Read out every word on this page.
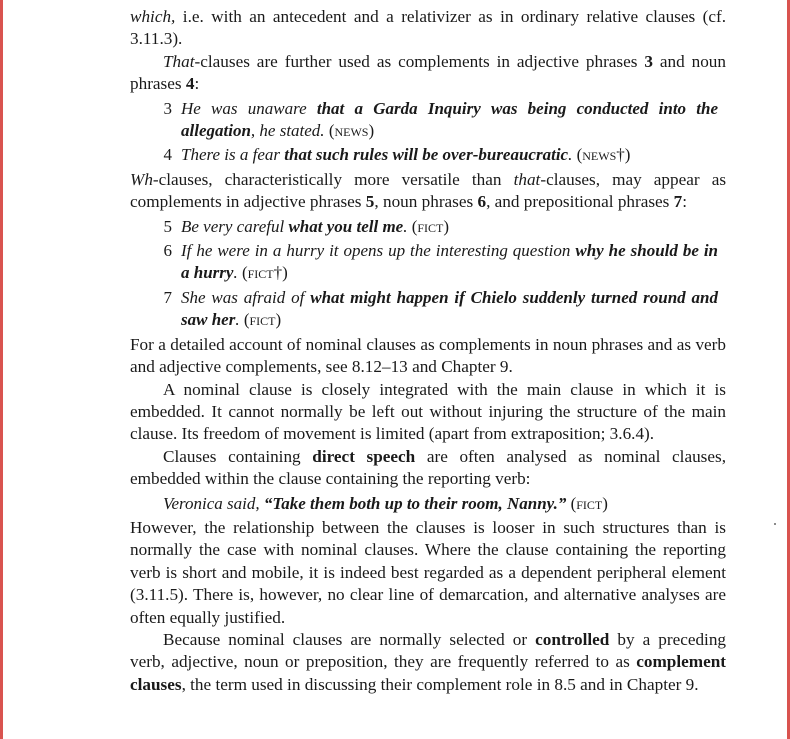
which, i.e. with an antecedent and a relativizer as in ordinary relative clauses (cf. 3.11.3).

That-clauses are further used as complements in adjective phrases 3 and noun phrases 4:

3 He was unaware that a Garda Inquiry was being conducted into the allegation, he stated. (news)
4 There is a fear that such rules will be over-bureaucratic. (news†)

Wh-clauses, characteristically more versatile than that-clauses, may appear as complements in adjective phrases 5, noun phrases 6, and prepositional phrases 7:

5 Be very careful what you tell me. (fict)
6 If he were in a hurry it opens up the interesting question why he should be in a hurry. (fict†)
7 She was afraid of what might happen if Chielo suddenly turned round and saw her. (fict)

For a detailed account of nominal clauses as complements in noun phrases and as verb and adjective complements, see 8.12–13 and Chapter 9.

A nominal clause is closely integrated with the main clause in which it is embedded. It cannot normally be left out without injuring the structure of the main clause. Its freedom of movement is limited (apart from extraposition; 3.6.4).

Clauses containing direct speech are often analysed as nominal clauses, embedded within the clause containing the reporting verb:

Veronica said, “Take them both up to their room, Nanny.” (fict)

However, the relationship between the clauses is looser in such structures than is normally the case with nominal clauses. Where the clause containing the reporting verb is short and mobile, it is indeed best regarded as a dependent peripheral element (3.11.5). There is, however, no clear line of demarcation, and alternative analyses are often equally justified.

Because nominal clauses are normally selected or controlled by a preceding verb, adjective, noun or preposition, they are frequently referred to as complement clauses, the term used in discussing their complement role in 8.5 and in Chapter 9.
